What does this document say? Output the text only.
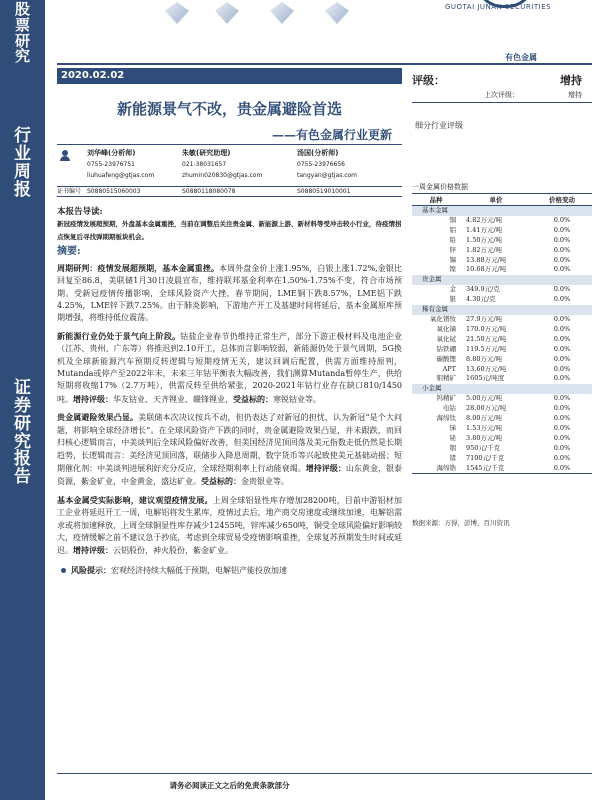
股
票
研
究
行
业
周
报
证
券
研
究
报
告
GUOTAI JUNAN SECURITIES
有色金属
2020.02.02
新能源景气不改，贵金属避险首选
——有色金属行业更新
刘华峰(分析师)
0755-23976751
liuhuafeng@gtjas.com
朱敏(研究助理)
021-38031657
zhumin020830@gtjas.com
汤国(分析师)
0755-23976656
tangyan@gtjas.com
证书编号 S0880515060003	S0880118080078	S0880519010001
本报告导读:
新冠疫情发展超预期，外盘基本金属重挫，当前在调整后关注贵金属、新能源上游、新材料等受冲击较小行业，待疫情拐点恢复后寻找弹期期板块机会。
摘要:
周期研判：疫情发展超预期，基本金属重挫。本周外盘金价上涨1.95%，白银上涨1.72%,金银比回复至86.8，美联储1月30日凌晨宣布，维持联邦基金利率在1.50%-1.75%不变，符合市场预期。受新冠疫情传播影响，全球风险资产大挫，春节期间，LME铜下跌8.57%，LME铝下跌4.25%，LME锌下跌7.25%。由于肺炎影响，下游地产开工及基建时间将延后，基本金属原库预期增强，将维持低位震荡。
新能源行业仍处于景气向上阶段。钴盐企业春节仍维持正常生产，部分下游正极材料及电池企业（江苏、贵州、广东等）将推迟到2.10开工，总体而言影响较弱，新能源仍处于景气周期，5G换机及全球新能源汽车预期反转逻辑与短期疫情无关，建议回调后配置，供需方面维持原判，Mutanda或停产至2022年末，未来三年钴平衡表大幅改善，我们测算Mutanda暂停生产，供给短期将收缩17%（2.7万吨），供需反转至供给紧张，2020-2021年钴行业存在缺口810/1450吨。增持评级：华友钴业、天齐锂业、赣锋锂业，受益标的：寒锐钴业等。
贵金属避险效果凸显。美联储本次决议按兵不动，但仍表达了对新冠的担忧，认为新冠“是个大问题，将影响全球经济增长”。在全球风险资产下跌的同时，贵金属避险效果凸显，并未跟跌，而回归核心逻辑而言，中美谈判后全球风险偏好改善，但美国经济见顶回落及美元指数走低仍然是长期趋势，长逻辑而言：美经济见顶回落，联储步入降息周期、数字货币等兴起致使美元基础动摇；短期催化剂：中美谈判进展利好充分反应，全球经期利率上行动能衰竭。增持评级：山东黄金，银泰资源，紫金矿业，中金黄金，盛达矿业。受益标的：金贵银业等。
基本金属受实际影响，建议观望疫情发展。上周全球铝显性库存增加28200吨，目前中游铝材加工企业将延迟开工一周，电解铝将发生累库，疫情过去后，地产商交房速度或继续加速，电解铝需求或将加速释放，上周全球铜显性库存减少12455吨，锌库减少650吨，铜受全球风险偏好影响较大，疫情缓解之前不建议急于抄底，考虑到全球贸易受疫情影响重挫，全球复苏预期发生时间或延迟。增持评级：云铝股份，神火股份，紫金矿业。
风险提示：宏观经济持续大幅低于预期，电解铝产能投放加速
请务必阅读正文之后的免责条款部分
评级：	增持
上次评级：	增持
细分行业评级
一周金属价格数据
品种	单价	价格变动
基本金属		
铜	4.82万元/吨	0.0%
铝	1.41万元/吨	0.0%
铅	1.50万元/吨	0.0%
锌	1.82万元/吨	0.0%
锡	13.88万元/吨	0.0%
镍	10.68万元/吨	0.0%
贵金属		
金	349.9元/克	0.0%
银	4.30元/克	0.0%
稀有金属		
氧化镨钕	27.9万元/吨	0.0%
氧化镝	170.0万元/吨	0.0%
氧化铽	21.50万元/吨	0.0%
钴铁硼	119.5万元/吨	0.0%
碳酸锂	8.80万元/吨	0.0%
APT	13.60万元/吨	0.0%
钼精矿	1605元/吨度	0.0%
小金属		
钨精矿	5.00万元/吨	0.0%
电钴	28.00万元/吨	0.0%
海绵钛	8.00万元/吨	0.0%
锑	1.53万元/吨	0.0%
铋	3.80万元/吨	0.0%
铟	950元/千克	0.0%
锗	7100元/千克	0.0%
海绵锆	1545元/千克	0.0%
数据来源：万得，彭博，百川资讯
